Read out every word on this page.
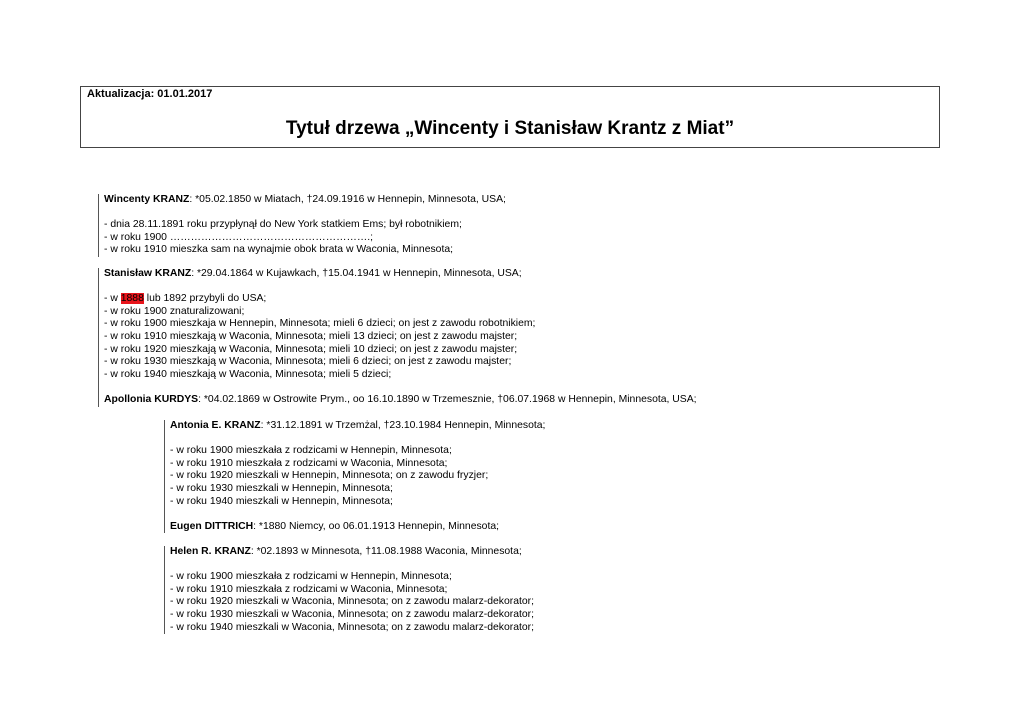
Aktualizacja: 01.01.2017
Tytuł drzewa „Wincenty i Stanisław Krantz z Miat”

Wincenty KRANZ: *05.02.1850 w Miatach, †24.09.1916 w Hennepin, Minnesota, USA;

- dnia 28.11.1891 roku przypłynął do New York statkiem Ems; był robotnikiem;

- w roku 1900 ………………………………………………….;

- w roku 1910 mieszka sam na wynajmie obok brata w Waconia, Minnesota;

Stanisław KRANZ: *29.04.1864 w Kujawkach, †15.04.1941 w Hennepin, Minnesota, USA;

- w 1888 lub 1892 przybyli do USA;

- w roku 1900 znaturalizowani;

- w roku 1900 mieszkaja w Hennepin, Minnesota; mieli 6 dzieci; on jest z zawodu robotnikiem;

- w roku 1910 mieszkają w Waconia, Minnesota; mieli 13 dzieci; on jest z zawodu majster;

- w roku 1920 mieszkają w Waconia, Minnesota; mieli 10 dzieci; on jest z zawodu majster;

- w roku 1930 mieszkają w Waconia, Minnesota; mieli 6 dzieci; on jest z zawodu majster;

- w roku 1940 mieszkają w Waconia, Minnesota; mieli 5 dzieci;

Apollonia KURDYS: *04.02.1869 w Ostrowite Prym., oo 16.10.1890 w Trzemesznie, †06.07.1968 w Hennepin, Minnesota, USA;

Antonia E. KRANZ: *31.12.1891 w Trzemżal, †23.10.1984 Hennepin, Minnesota;

- w roku 1900 mieszkała z rodzicami w Hennepin, Minnesota;

- w roku 1910 mieszkała z rodzicami w Waconia, Minnesota;

- w roku 1920 mieszkali w Hennepin, Minnesota; on z zawodu fryzjer;

- w roku 1930 mieszkali w Hennepin, Minnesota;

- w roku 1940 mieszkali w Hennepin, Minnesota;

Eugen DITTRICH: *1880 Niemcy, oo 06.01.1913 Hennepin, Minnesota;

Helen R. KRANZ: *02.1893 w Minnesota, †11.08.1988 Waconia, Minnesota;

- w roku 1900 mieszkała z rodzicami w Hennepin, Minnesota;

- w roku 1910 mieszkała z rodzicami w Waconia, Minnesota;

- w roku 1920 mieszkali w Waconia, Minnesota; on z zawodu malarz-dekorator;

- w roku 1930 mieszkali w Waconia, Minnesota; on z zawodu malarz-dekorator;

- w roku 1940 mieszkali w Waconia, Minnesota; on z zawodu malarz-dekorator;
